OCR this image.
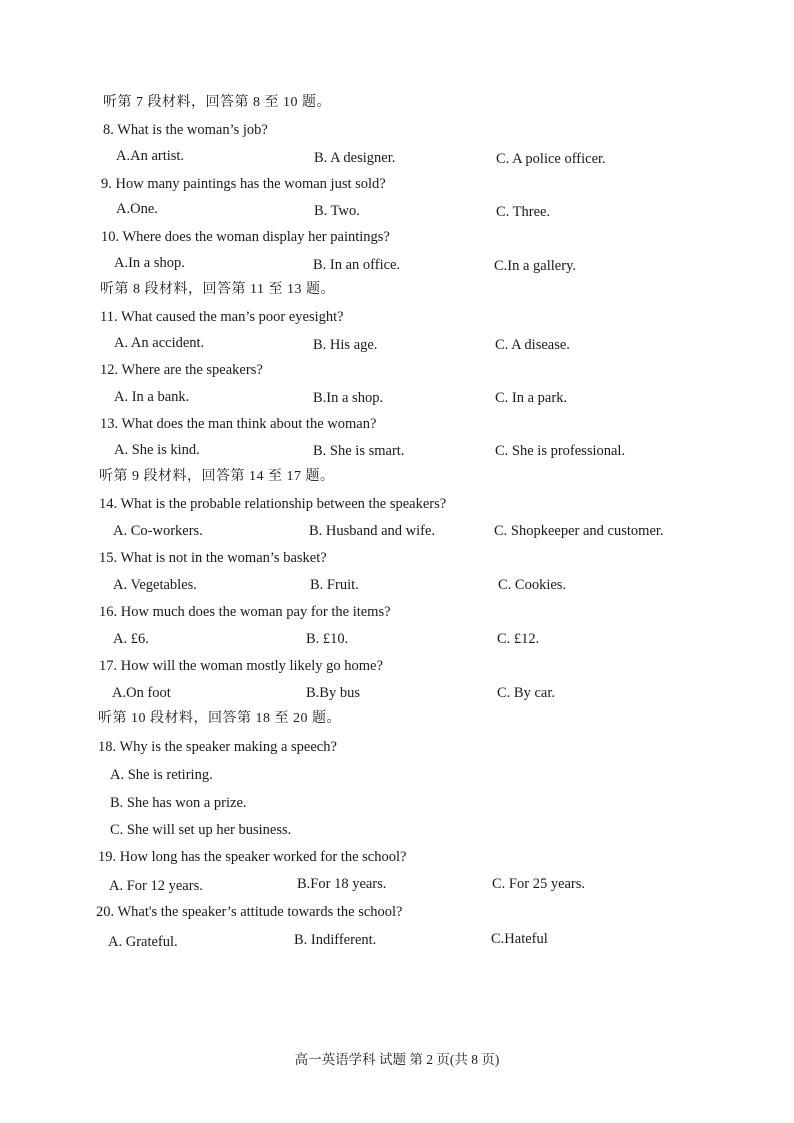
听第 7 段材料，回答第 8 至 10 题。
8. What is the woman’s job?
A.An artist.	B. A designer.	C. A police officer.
9. How many paintings has the woman just sold?
A.One.	B. Two.	C. Three.
10. Where does the woman display her paintings?
A.In a shop.	B. In an office.	C.In a gallery.
听第 8 段材料，回答第 11 至 13 题。
11. What caused the man’s poor eyesight?
A. An accident.	B. His age.	C. A disease.
12. Where are the speakers?
A. In a bank.	B.In a shop.	C. In a park.
13. What does the man think about the woman?
A. She is kind.	B. She is smart.	C. She is professional.
听第 9 段材料，回答第 14 至 17 题。
14. What is the probable relationship between the speakers?
A. Co-workers.	B. Husband and wife.	C. Shopkeeper and customer.
15. What is not in the woman’s basket?
A. Vegetables.	B. Fruit.	C. Cookies.
16. How much does the woman pay for the items?
A. £6.	B. £10.	C. £12.
17. How will the woman mostly likely go home?
A.On foot	B.By bus	C. By car.
听第 10 段材料，回答第 18 至 20 题。
18. Why is the speaker making a speech?
A. She is retiring.
B. She has won a prize.
C. She will set up her business.
19. How long has the speaker worked for the school?
A. For 12 years.	B.For 18 years.	C. For 25 years.
20. What's the speaker’s attitude towards the school?
A. Grateful.	B. Indifferent.	C.Hateful
高一英语学科 试题 第 2 页(共 8 页)
